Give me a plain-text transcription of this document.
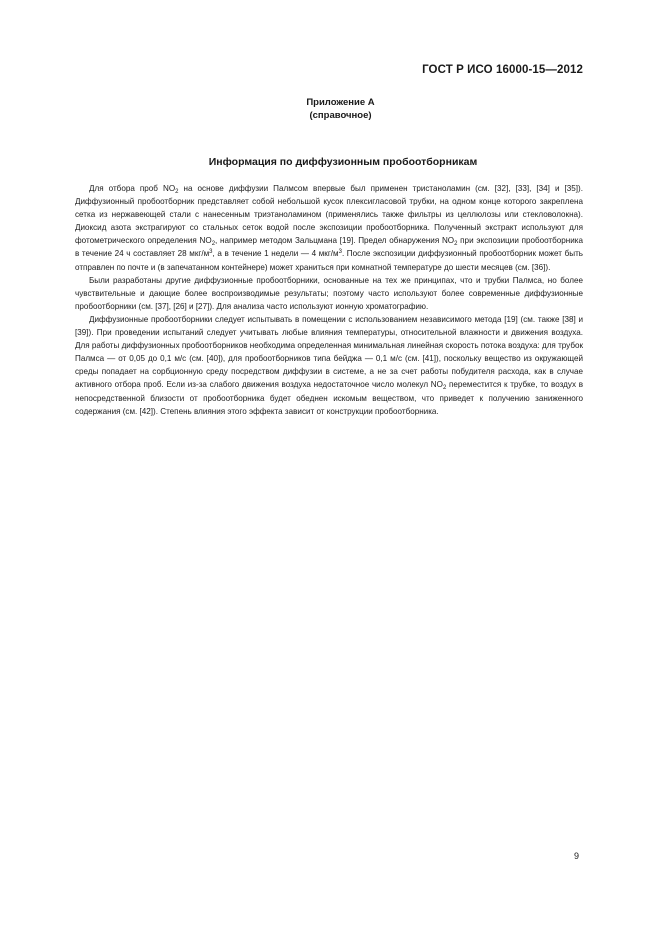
ГОСТ Р ИСО 16000-15—2012
Приложение А
(справочное)
Информация по диффузионным пробоотборникам

Для отбора проб $NO_2$ на основе диффузии Палмсом впервые был применен тристаноламин (см. [32], [33], [34] и [35]). Диффузионный пробоотборник представляет собой небольшой кусок плексигласовой трубки, на одном конце которого закреплена сетка из нержавеющей стали с нанесенным триэтаноламином (применялись также фильтры из целлюлозы или стекловолокна). Диоксид азота экстрагируют со стальных сеток водой после экспозиции пробоотборника. Полученный экстракт используют для фотометрического определения $NO_2$, например методом Зальцмана [19]. Предел обнаружения $NO_2$ при экспозиции пробоотборника в течение 24 ч составляет 28 мкг/$м^3$, а в течение 1 недели — 4 мкг/$м^3$. После экспозиции диффузионный пробоотборник может быть отправлен по почте и (в запечатанном контейнере) может храниться при комнатной температуре до шести месяцев (см. [36]).

Были разработаны другие диффузионные пробоотборники, основанные на тех же принципах, что и трубки Палмса, но более чувствительные и дающие более воспроизводимые результаты; поэтому часто используют более современные диффузионные пробоотборники (см. [37], [26] и [27]). Для анализа часто используют ионную хроматографию.

Диффузионные пробоотборники следует испытывать в помещении с использованием независимого метода [19] (см. также [38] и [39]). При проведении испытаний следует учитывать любые влияния температуры, относительной влажности и движения воздуха. Для работы диффузионных пробоотборников необходима определенная минимальная линейная скорость потока воздуха: для трубок Палмса — от 0,05 до 0,1 м/с (см. [40]), для пробоотборников типа бейджа — 0,1 м/с (см. [41]), поскольку вещество из окружающей среды попадает на сорбционную среду посредством диффузии в системе, а не за счет работы побудителя расхода, как в случае активного отбора проб. Если из-за слабого движения воздуха недостаточное число молекул $NO_2$ переместится к трубке, то воздух в непосредственной близости от пробоотборника будет обеднен искомым веществом, что приведет к получению заниженного содержания (см. [42]). Степень влияния этого эффекта зависит от конструкции пробоотборника.

9
